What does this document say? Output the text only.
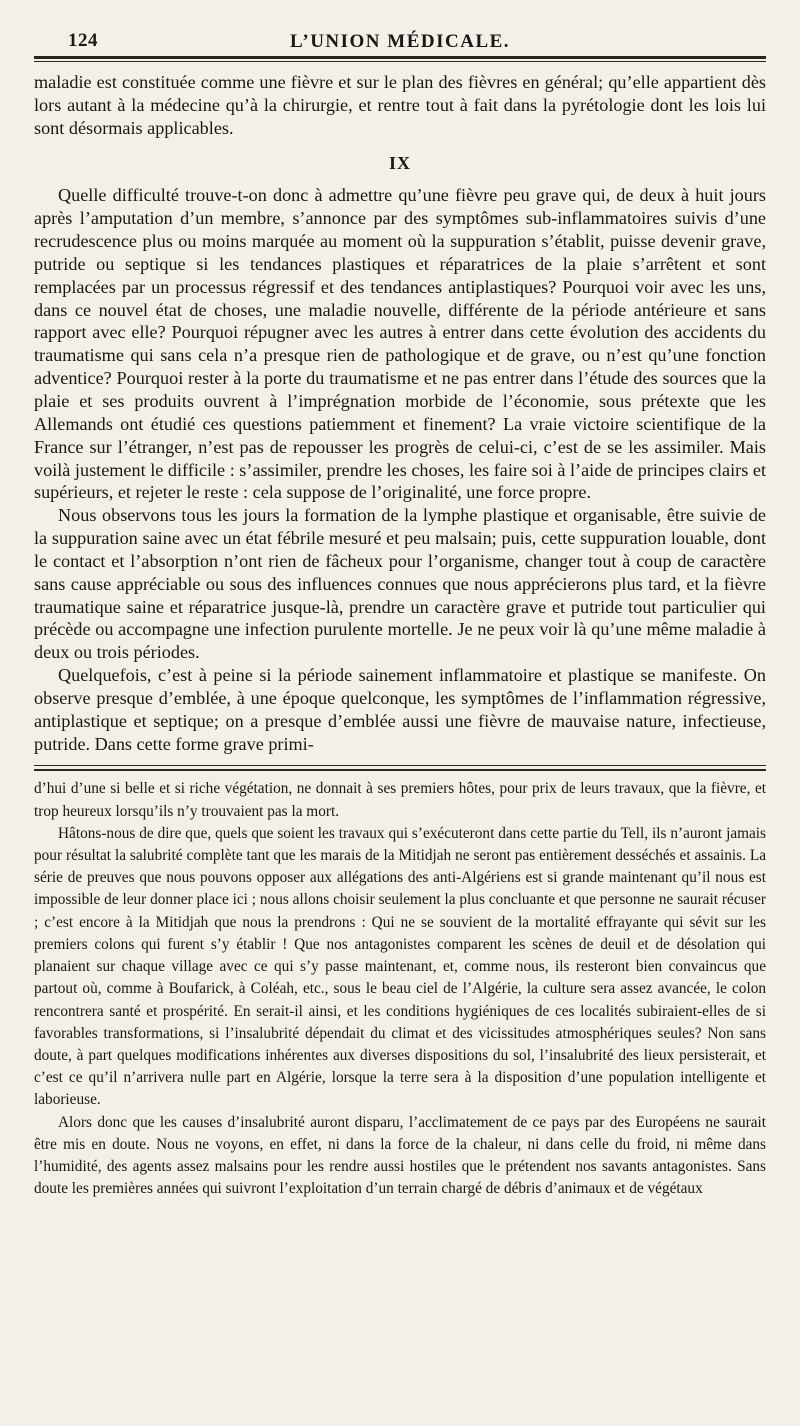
124	L’UNION MÉDICALE.

maladie est constituée comme une fièvre et sur le plan des fièvres en général; qu’elle appartient dès lors autant à la médecine qu’à la chirurgie, et rentre tout à fait dans la pyrétologie dont les lois lui sont désormais applicables.

IX

Quelle difficulté trouve-t-on donc à admettre qu’une fièvre peu grave qui, de deux à huit jours après l’amputation d’un membre, s’annonce par des symptômes sub-inflammatoires suivis d’une recrudescence plus ou moins marquée au moment où la suppuration s’établit, puisse devenir grave, putride ou septique si les tendances plastiques et réparatrices de la plaie s’arrêtent et sont remplacées par un processus régressif et des tendances antiplastiques? Pourquoi voir avec les uns, dans ce nouvel état de choses, une maladie nouvelle, différente de la période antérieure et sans rapport avec elle? Pourquoi répugner avec les autres à entrer dans cette évolution des accidents du traumatisme qui sans cela n’a presque rien de pathologique et de grave, ou n’est qu’une fonction adventice? Pourquoi rester à la porte du traumatisme et ne pas entrer dans l’étude des sources que la plaie et ses produits ouvrent à l’imprégnation morbide de l’économie, sous prétexte que les Allemands ont étudié ces questions patiemment et finement? La vraie victoire scientifique de la France sur l’étranger, n’est pas de repousser les progrès de celui-ci, c’est de se les assimiler. Mais voilà justement le difficile : s’assimiler, prendre les choses, les faire soi à l’aide de principes clairs et supérieurs, et rejeter le reste : cela suppose de l’originalité, une force propre.

Nous observons tous les jours la formation de la lymphe plastique et organisable, être suivie de la suppuration saine avec un état fébrile mesuré et peu malsain; puis, cette suppuration louable, dont le contact et l’absorption n’ont rien de fâcheux pour l’organisme, changer tout à coup de caractère sans cause appréciable ou sous des influences connues que nous apprécierons plus tard, et la fièvre traumatique saine et réparatrice jusque-là, prendre un caractère grave et putride tout particulier qui précède ou accompagne une infection purulente mortelle. Je ne peux voir là qu’une même maladie à deux ou trois périodes.

Quelquefois, c’est à peine si la période sainement inflammatoire et plastique se manifeste. On observe presque d’emblée, à une époque quelconque, les symptômes de l’inflammation régressive, antiplastique et septique; on a presque d’emblée aussi une fièvre de mauvaise nature, infectieuse, putride. Dans cette forme grave primi-

d’hui d’une si belle et si riche végétation, ne donnait à ses premiers hôtes, pour prix de leurs travaux, que la fièvre, et trop heureux lorsqu’ils n’y trouvaient pas la mort.

Hâtons-nous de dire que, quels que soient les travaux qui s’exécuteront dans cette partie du Tell, ils n’auront jamais pour résultat la salubrité complète tant que les marais de la Mitidjah ne seront pas entièrement desséchés et assainis. La série de preuves que nous pouvons opposer aux allégations des anti-Algériens est si grande maintenant qu’il nous est impossible de leur donner place ici ; nous allons choisir seulement la plus concluante et que personne ne saurait récuser ; c’est encore à la Mitidjah que nous la prendrons : Qui ne se souvient de la mortalité effrayante qui sévit sur les premiers colons qui furent s’y établir ! Que nos antagonistes comparent les scènes de deuil et de désolation qui planaient sur chaque village avec ce qui s’y passe maintenant, et, comme nous, ils resteront bien convaincus que partout où, comme à Boufarick, à Coléah, etc., sous le beau ciel de l’Algérie, la culture sera assez avancée, le colon rencontrera santé et prospérité. En serait-il ainsi, et les conditions hygiéniques de ces localités subiraient-elles de si favorables transformations, si l’insalubrité dépendait du climat et des vicissitudes atmosphériques seules? Non sans doute, à part quelques modifications inhérentes aux diverses dispositions du sol, l’insalubrité des lieux persisterait, et c’est ce qu’il n’arrivera nulle part en Algérie, lorsque la terre sera à la disposition d’une population intelligente et laborieuse.

Alors donc que les causes d’insalubrité auront disparu, l’acclimatement de ce pays par des Européens ne saurait être mis en doute. Nous ne voyons, en effet, ni dans la force de la chaleur, ni dans celle du froid, ni même dans l’humidité, des agents assez malsains pour les rendre aussi hostiles que le prétendent nos savants antagonistes. Sans doute les premières années qui suivront l’exploitation d’un terrain chargé de débris d’animaux et de végétaux
